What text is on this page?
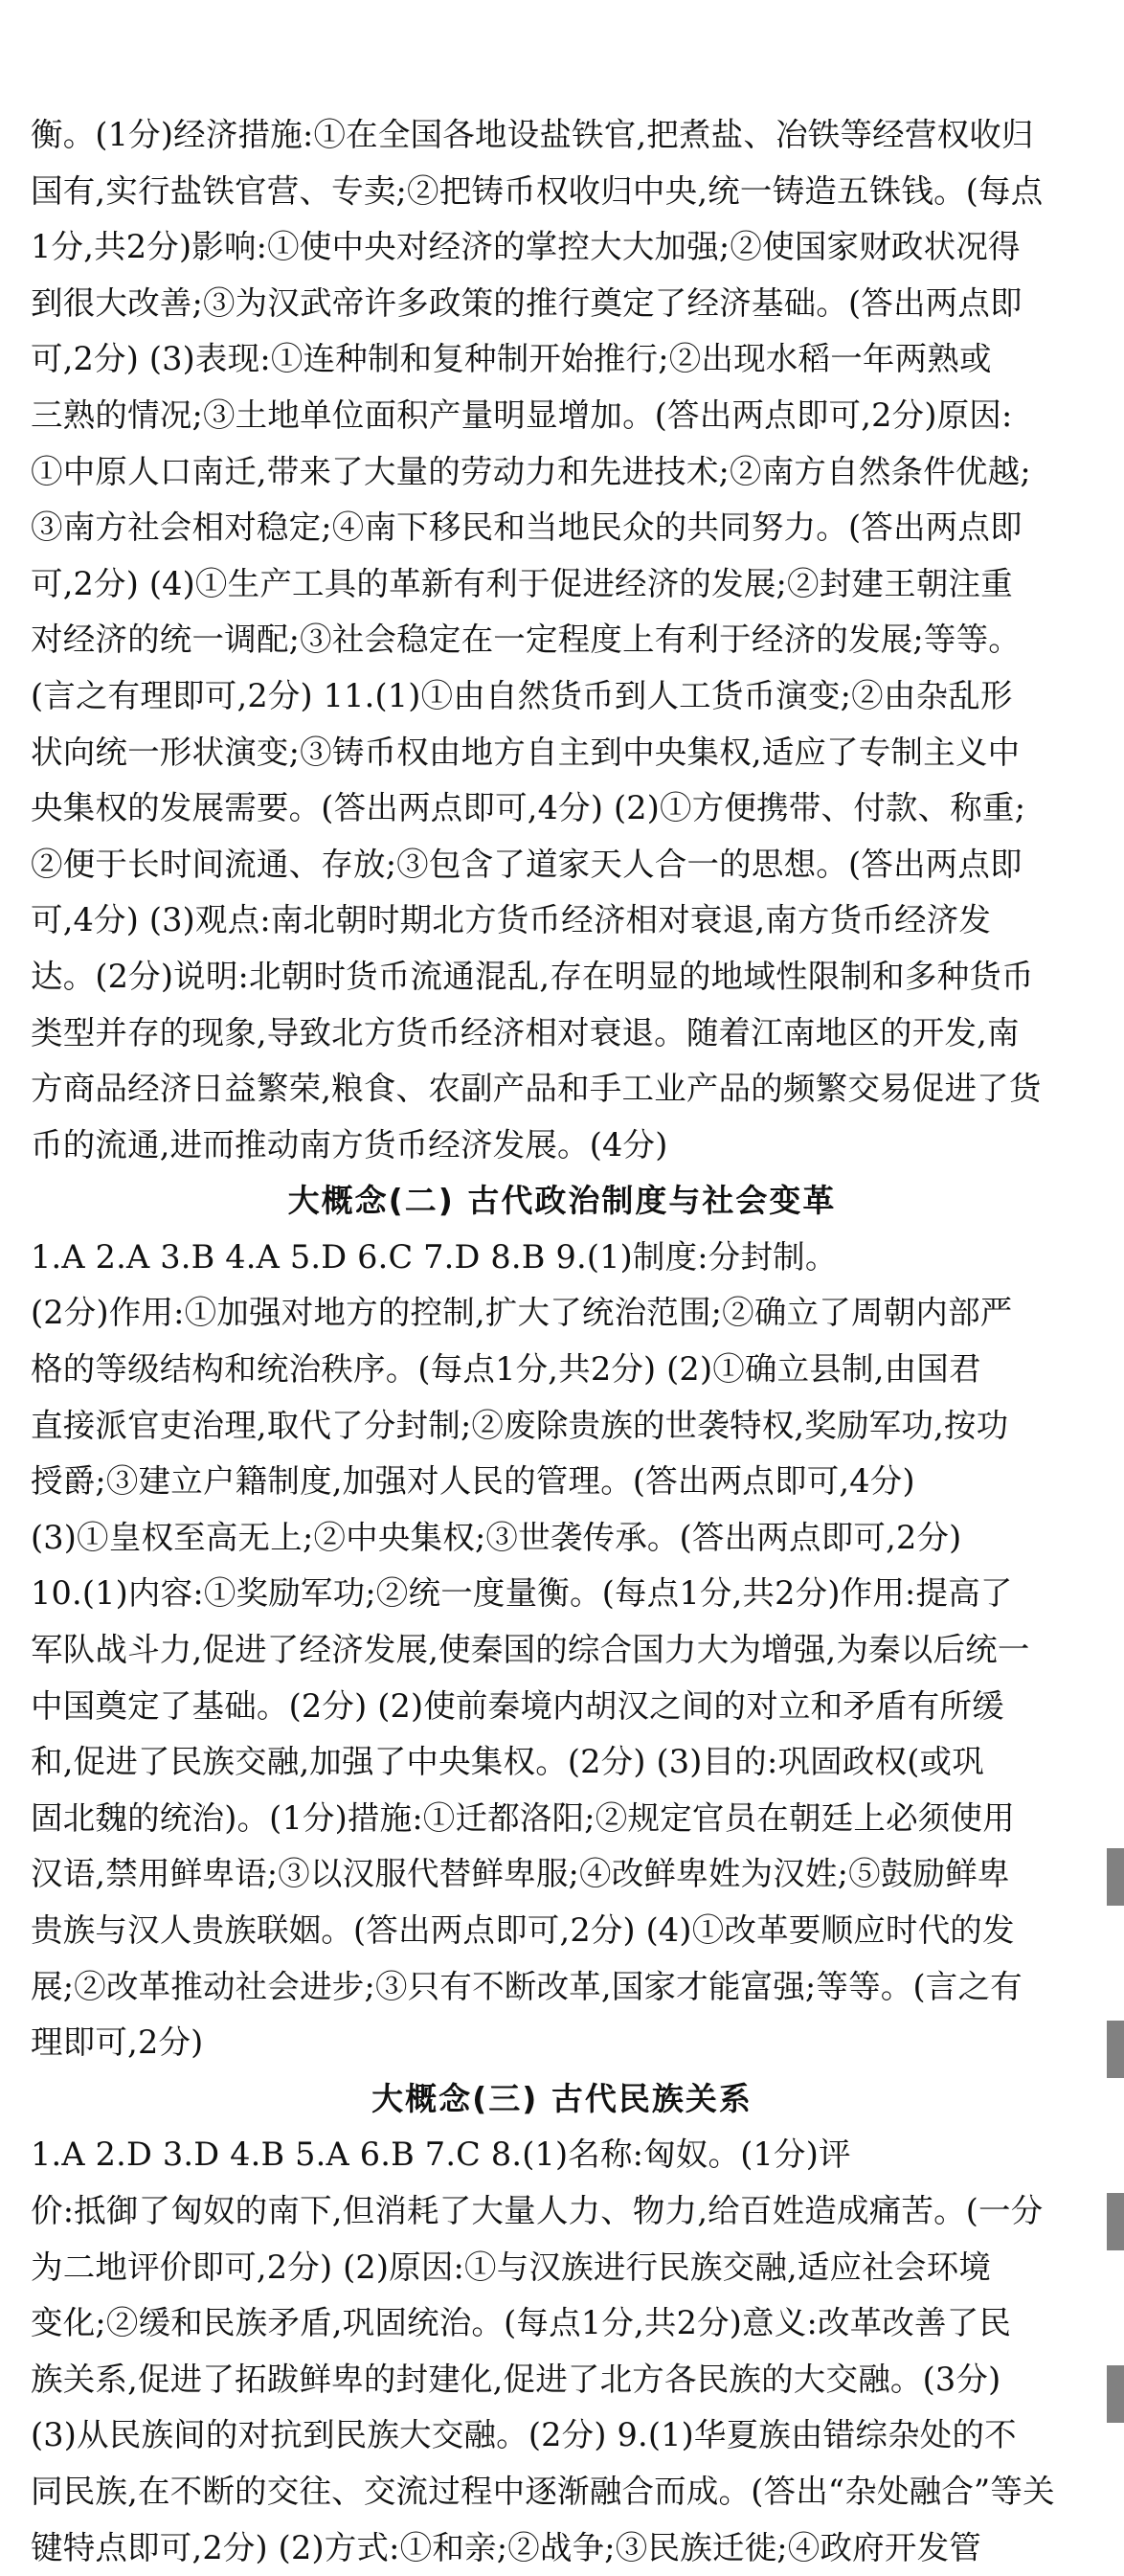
衡。(1分)经济措施:①在全国各地设盐铁官,把煮盐、冶铁等经营权收归
国有,实行盐铁官营、专卖;②把铸币权收归中央,统一铸造五铢钱。(每点
1分,共2分)影响:①使中央对经济的掌控大大加强;②使国家财政状况得
到很大改善;③为汉武帝许多政策的推行奠定了经济基础。(答出两点即
可,2分) (3)表现:①连种制和复种制开始推行;②出现水稻一年两熟或
三熟的情况;③土地单位面积产量明显增加。(答出两点即可,2分)原因:
①中原人口南迁,带来了大量的劳动力和先进技术;②南方自然条件优越;
③南方社会相对稳定;④南下移民和当地民众的共同努力。(答出两点即
可,2分) (4)①生产工具的革新有利于促进经济的发展;②封建王朝注重
对经济的统一调配;③社会稳定在一定程度上有利于经济的发展;等等。
(言之有理即可,2分) 11.(1)①由自然货币到人工货币演变;②由杂乱形
状向统一形状演变;③铸币权由地方自主到中央集权,适应了专制主义中
央集权的发展需要。(答出两点即可,4分) (2)①方便携带、付款、称重;
②便于长时间流通、存放;③包含了道家天人合一的思想。(答出两点即
可,4分) (3)观点:南北朝时期北方货币经济相对衰退,南方货币经济发
达。(2分)说明:北朝时货币流通混乱,存在明显的地域性限制和多种货币
类型并存的现象,导致北方货币经济相对衰退。随着江南地区的开发,南
方商品经济日益繁荣,粮食、农副产品和手工业产品的频繁交易促进了货
币的流通,进而推动南方货币经济发展。(4分)
大概念(二) 古代政治制度与社会变革
1.A 2.A 3.B 4.A 5.D 6.C 7.D 8.B 9.(1)制度:分封制。
(2分)作用:①加强对地方的控制,扩大了统治范围;②确立了周朝内部严
格的等级结构和统治秩序。(每点1分,共2分) (2)①确立县制,由国君
直接派官吏治理,取代了分封制;②废除贵族的世袭特权,奖励军功,按功
授爵;③建立户籍制度,加强对人民的管理。(答出两点即可,4分)
(3)①皇权至高无上;②中央集权;③世袭传承。(答出两点即可,2分)
10.(1)内容:①奖励军功;②统一度量衡。(每点1分,共2分)作用:提高了
军队战斗力,促进了经济发展,使秦国的综合国力大为增强,为秦以后统一
中国奠定了基础。(2分) (2)使前秦境内胡汉之间的对立和矛盾有所缓
和,促进了民族交融,加强了中央集权。(2分) (3)目的:巩固政权(或巩
固北魏的统治)。(1分)措施:①迁都洛阳;②规定官员在朝廷上必须使用
汉语,禁用鲜卑语;③以汉服代替鲜卑服;④改鲜卑姓为汉姓;⑤鼓励鲜卑
贵族与汉人贵族联姻。(答出两点即可,2分) (4)①改革要顺应时代的发
展;②改革推动社会进步;③只有不断改革,国家才能富强;等等。(言之有
理即可,2分)
大概念(三) 古代民族关系
1.A 2.D 3.D 4.B 5.A 6.B 7.C 8.(1)名称:匈奴。(1分)评
价:抵御了匈奴的南下,但消耗了大量人力、物力,给百姓造成痛苦。(一分
为二地评价即可,2分) (2)原因:①与汉族进行民族交融,适应社会环境
变化;②缓和民族矛盾,巩固统治。(每点1分,共2分)意义:改革改善了民
族关系,促进了拓跋鲜卑的封建化,促进了北方各民族的大交融。(3分)
(3)从民族间的对抗到民族大交融。(2分) 9.(1)华夏族由错综杂处的不
同民族,在不断的交往、交流过程中逐渐融合而成。(答出“杂处融合”等关
键特点即可,2分) (2)方式:①和亲;②战争;③民族迁徙;④政府开发管
